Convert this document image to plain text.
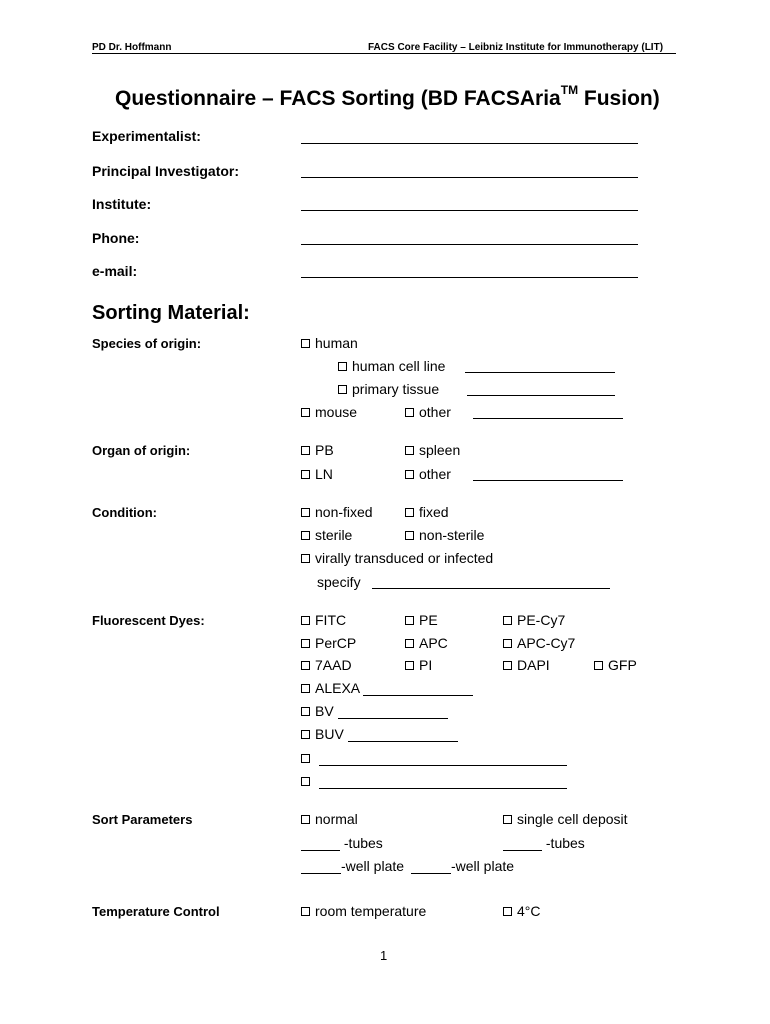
PD Dr. Hoffmann	FACS Core Facility – Leibniz Institute for Immunotherapy (LIT)
Questionnaire – FACS Sorting (BD FACSAria™ Fusion)
Experimentalist:
Principal Investigator:
Institute:
Phone:
e-mail:
Sorting Material:
Species of origin:	human
human cell line
primary tissue
mouse	other
Organ of origin:	PB	spleen
LN	other
Condition:	non-fixed	fixed
sterile	non-sterile
virally transduced or infected
specify
Fluorescent Dyes:	FITC	PE	PE-Cy7
PerCP	APC	APC-Cy7
7AAD	PI	DAPI	GFP
ALEXA
BV
BUV

Sort Parameters	normal	single cell deposit
-tubes	-tubes
-well plate	-well plate
Temperature Control	room temperature	4°C
1
